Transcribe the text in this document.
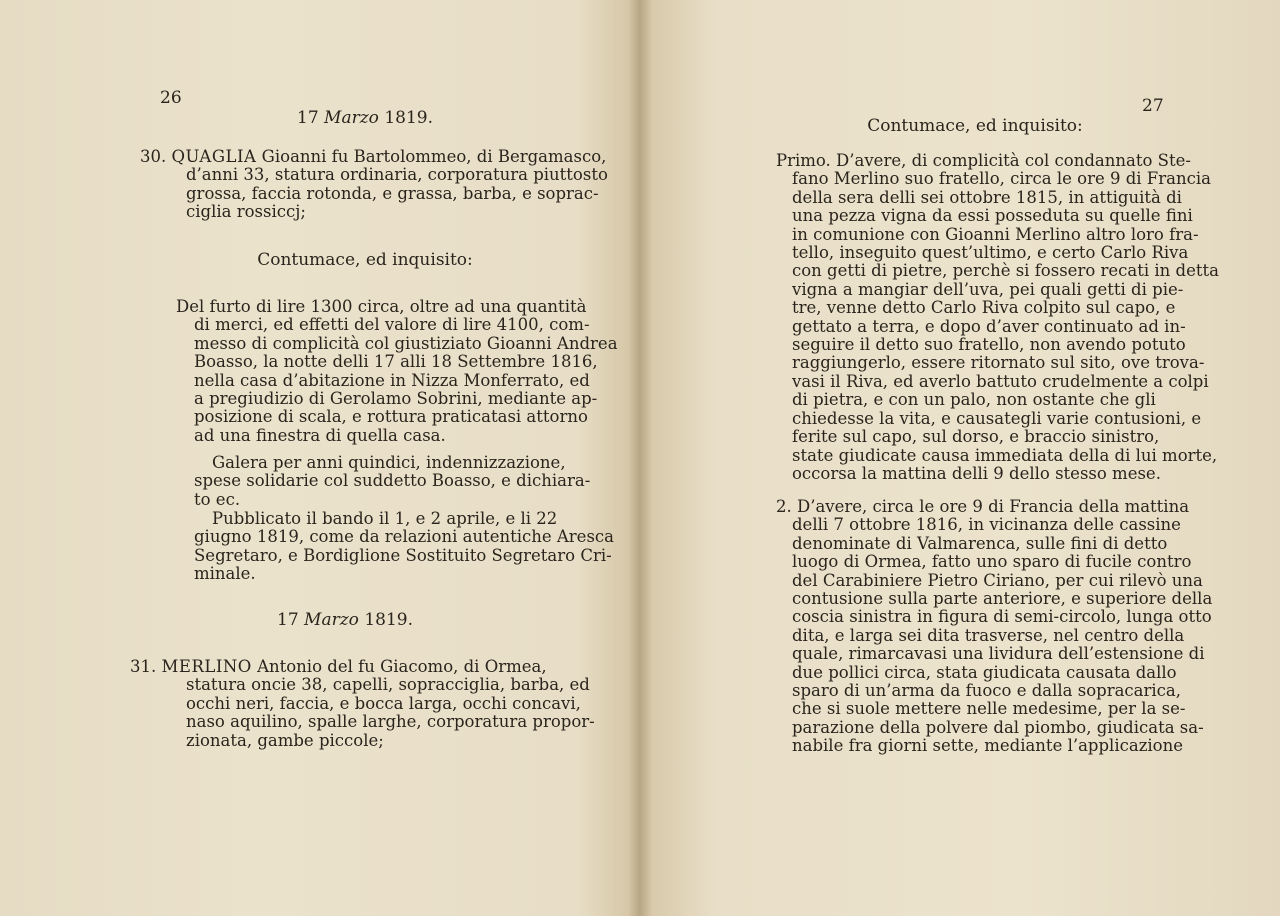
26
17 Marzo 1819.
30. QUAGLIA Gioanni fu Bartolommeo, di Bergamasco,
d’anni 33, statura ordinaria, corporatura piuttosto
grossa, faccia rotonda, e grassa, barba, e soprac-
ciglia rossiccj;
Contumace, ed inquisito:
Del furto di lire 1300 circa, oltre ad una quantità
di merci, ed effetti del valore di lire 4100, com-
messo di complicità col giustiziato Gioanni Andrea
Boasso, la notte delli 17 alli 18 Settembre 1816,
nella casa d’abitazione in Nizza Monferrato, ed
a pregiudizio di Gerolamo Sobrini, mediante ap-
posizione di scala, e rottura praticatasi attorno
ad una finestra di quella casa.
Galera per anni quindici, indennizzazione,
spese solidarie col suddetto Boasso, e dichiara-
to ec.
Pubblicato il bando il 1, e 2 aprile, e li 22
giugno 1819, come da relazioni autentiche Aresca
Segretaro, e Bordiglione Sostituito Segretaro Cri-
minale.
17 Marzo 1819.
31. MERLINO Antonio del fu Giacomo, di Ormea,
statura oncie 38, capelli, sopracciglia, barba, ed
occhi neri, faccia, e bocca larga, occhi concavi,
naso aquilino, spalle larghe, corporatura propor-
zionata, gambe piccole;
27
Contumace, ed inquisito:
Primo. D’avere, di complicità col condannato Ste-
fano Merlino suo fratello, circa le ore 9 di Francia
della sera delli sei ottobre 1815, in attiguità di
una pezza vigna da essi posseduta su quelle fini
in comunione con Gioanni Merlino altro loro fra-
tello, inseguito quest’ultimo, e certo Carlo Riva
con getti di pietre, perchè si fossero recati in detta
vigna a mangiar dell’uva, pei quali getti di pie-
tre, venne detto Carlo Riva colpito sul capo, e
gettato a terra, e dopo d’aver continuato ad in-
seguire il detto suo fratello, non avendo potuto
raggiungerlo, essere ritornato sul sito, ove trova-
vasi il Riva, ed averlo battuto crudelmente a colpi
di pietra, e con un palo, non ostante che gli
chiedesse la vita, e causategli varie contusioni, e
ferite sul capo, sul dorso, e braccio sinistro,
state giudicate causa immediata della di lui morte,
occorsa la mattina delli 9 dello stesso mese.
2. D’avere, circa le ore 9 di Francia della mattina
delli 7 ottobre 1816, in vicinanza delle cassine
denominate di Valmarenca, sulle fini di detto
luogo di Ormea, fatto uno sparo di fucile contro
del Carabiniere Pietro Ciriano, per cui rilevò una
contusione sulla parte anteriore, e superiore della
coscia sinistra in figura di semi-circolo, lunga otto
dita, e larga sei dita trasverse, nel centro della
quale, rimarcavasi una lividura dell’estensione di
due pollici circa, stata giudicata causata dallo
sparo di un’arma da fuoco e dalla sopracarica,
che si suole mettere nelle medesime, per la se-
parazione della polvere dal piombo, giudicata sa-
nabile fra giorni sette, mediante l’applicazione
